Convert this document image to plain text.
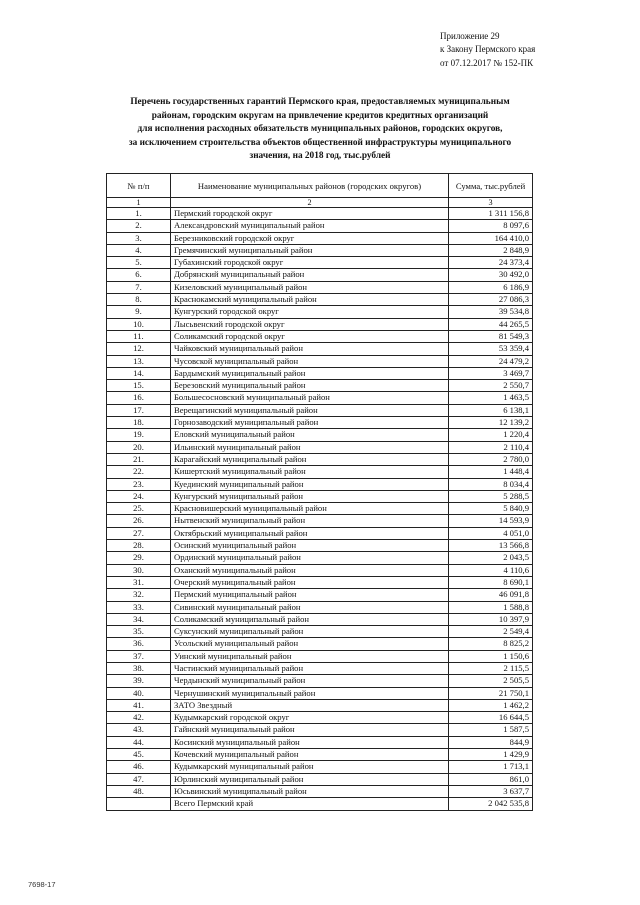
Приложение 29
к Закону Пермского края
от 07.12.2017 № 152-ПК
Перечень государственных гарантий Пермского края, предоставляемых муниципальным
районам, городским округам на привлечение кредитов кредитных организаций
для исполнения расходных обязательств муниципальных районов, городских округов,
за исключением строительства объектов общественной инфраструктуры муниципального
значения, на 2018 год, тыс.рублей
№ п/п	Наименование муниципальных районов (городских округов)	Сумма, тыс.рублей
1	2	3
1.	Пермский городской округ	1 311 156,8
2.	Александровский муниципальный район	8 097,6
3.	Березниковский городской округ	164 410,0
4.	Гремячинский муниципальный район	2 848,9
5.	Губахинский городской округ	24 373,4
6.	Добрянский муниципальный район	30 492,0
7.	Кизеловский муниципальный район	6 186,9
8.	Краснокамский муниципальный район	27 086,3
9.	Кунгурский городской округ	39 534,8
10.	Лысьвенский городской округ	44 265,5
11.	Соликамский городской округ	81 549,3
12.	Чайковский муниципальный район	53 359,4
13.	Чусовской муниципальный район	24 479,2
14.	Бардымский муниципальный район	3 469,7
15.	Березовский муниципальный район	2 550,7
16.	Большесосновский муниципальный район	1 463,5
17.	Верещагинский муниципальный район	6 138,1
18.	Горнозаводский муниципальный район	12 139,2
19.	Еловский муниципальный район	1 220,4
20.	Ильинский муниципальный район	2 110,4
21.	Карагайский муниципальный район	2 780,0
22.	Кишертский муниципальный район	1 448,4
23.	Куединский муниципальный район	8 034,4
24.	Кунгурский муниципальный район	5 288,5
25.	Красновишерский муниципальный район	5 840,9
26.	Нытвенский муниципальный район	14 593,9
27.	Октябрьский муниципальный район	4 051,0
28.	Осинский муниципальный район	13 566,8
29.	Ординский муниципальный район	2 043,5
30.	Оханский муниципальный район	4 110,6
31.	Очерский муниципальный район	8 690,1
32.	Пермский муниципальный район	46 091,8
33.	Сивинский муниципальный район	1 588,8
34.	Соликамский муниципальный район	10 397,9
35.	Суксунский муниципальный район	2 549,4
36.	Усольский муниципальный район	8 825,2
37.	Уинский муниципальный район	1 150,6
38.	Частинский муниципальный район	2 115,5
39.	Чердынский муниципальный район	2 505,5
40.	Чернушинский муниципальный район	21 750,1
41.	ЗАТО Звездный	1 462,2
42.	Кудымкарский городской округ	16 644,5
43.	Гайнский муниципальный район	1 587,5
44.	Косинский муниципальный район	844,9
45.	Кочевский муниципальный район	1 429,9
46.	Кудымкарский муниципальный район	1 713,1
47.	Юрлинский муниципальный район	861,0
48.	Юсьвинский муниципальный район	3 637,7
	Всего Пермский край	2 042 535,8
7698-17
